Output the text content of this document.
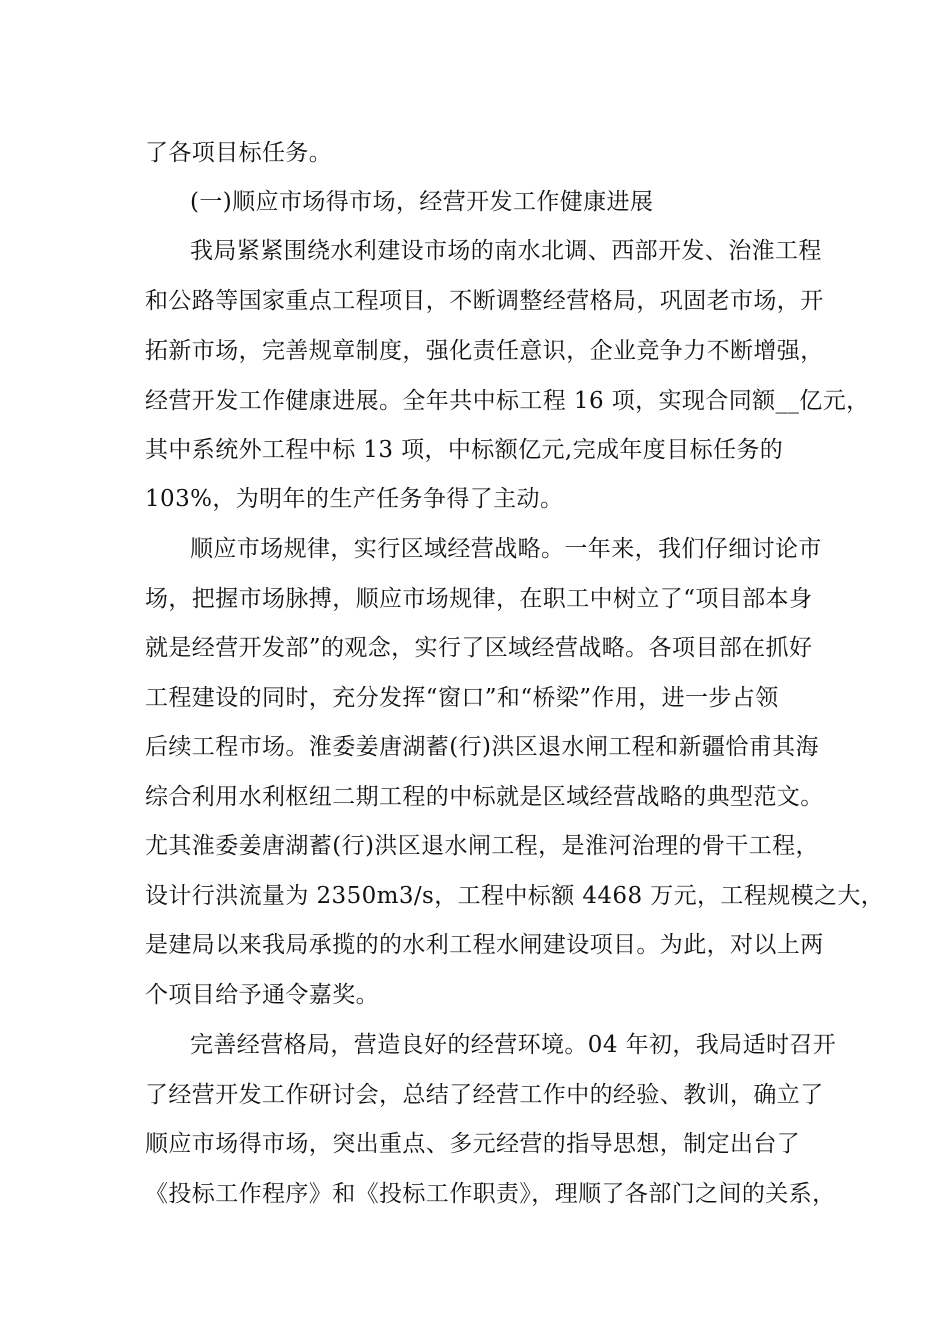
了各项目标任务。
(一)顺应市场得市场，经营开发工作健康进展
我局紧紧围绕水利建设市场的南水北调、西部开发、治淮工程
和公路等国家重点工程项目，不断调整经营格局，巩固老市场，开
拓新市场，完善规章制度，强化责任意识，企业竞争力不断增强，
经营开发工作健康进展。全年共中标工程 16 项，实现合同额__亿元，
其中系统外工程中标 13 项，中标额亿元,完成年度目标任务的
103%，为明年的生产任务争得了主动。
顺应市场规律，实行区域经营战略。一年来，我们仔细讨论市
场，把握市场脉搏，顺应市场规律，在职工中树立了“项目部本身
就是经营开发部”的观念，实行了区域经营战略。各项目部在抓好
工程建设的同时，充分发挥“窗口”和“桥梁”作用，进一步占领
后续工程市场。淮委姜唐湖蓄(行)洪区退水闸工程和新疆恰甫其海
综合利用水利枢纽二期工程的中标就是区域经营战略的典型范文。
尤其淮委姜唐湖蓄(行)洪区退水闸工程，是淮河治理的骨干工程，
设计行洪流量为 2350m3/s，工程中标额 4468 万元，工程规模之大，
是建局以来我局承揽的的水利工程水闸建设项目。为此，对以上两
个项目给予通令嘉奖。
完善经营格局，营造良好的经营环境。04 年初，我局适时召开
了经营开发工作研讨会，总结了经营工作中的经验、教训，确立了
顺应市场得市场，突出重点、多元经营的指导思想，制定出台了
《投标工作程序》和《投标工作职责》，理顺了各部门之间的关系，
